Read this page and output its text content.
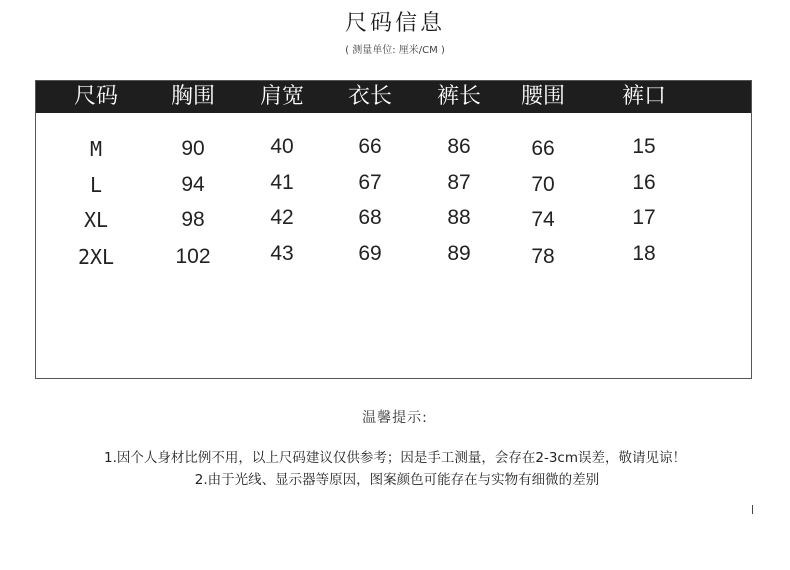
尺码信息
( 测量单位: 厘米/CM )
尺码 胸围 肩宽 衣长 裤长 腰围	裤口
M	90	40	66	86	66	15
L	94	41	67	87	70	16
XL	98	42	68	88	74	17
2XL	102	43	69	89	78	18
温馨提示:
1.因个人身材比例不用，以上尺码建议仅供参考；因是手工测量，会存在2-3cm误差，敬请见谅！
2.由于光线、显示器等原因，图案颜色可能存在与实物有细微的差别
